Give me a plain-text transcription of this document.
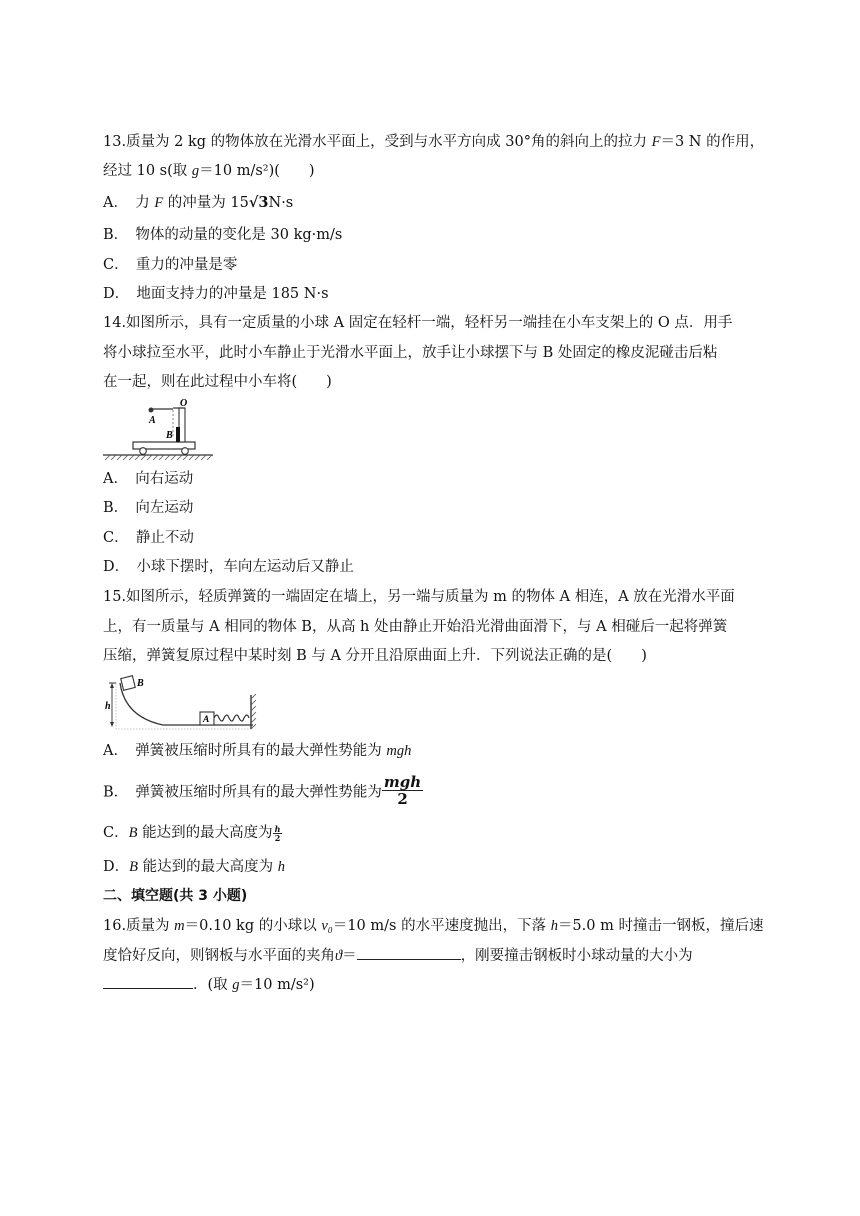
13.质量为 2 kg 的物体放在光滑水平面上，受到与水平方向成 30°角的斜向上的拉力 F＝3 N 的作用，
经过 10 s(取 g＝10 m/s²)(　　)
A．　力 F 的冲量为 15√3N·s
B．　物体的动量的变化是 30 kg·m/s
C．　重力的冲量是零
D．　地面支持力的冲量是 185 N·s
14.如图所示，具有一定质量的小球 A 固定在轻杆一端，轻杆另一端挂在小车支架上的 O 点．用手
将小球拉至水平，此时小车静止于光滑水平面上，放手让小球摆下与 B 处固定的橡皮泥碰击后粘
在一起，则在此过程中小车将(　　)
O
A
B
A．　向右运动
B．　向左运动
C．　静止不动
D．　小球下摆时，车向左运动后又静止
15.如图所示，轻质弹簧的一端固定在墙上，另一端与质量为 m 的物体 A 相连，A 放在光滑水平面
上，有一质量与 A 相同的物体 B，从高 h 处由静止开始沿光滑曲面滑下，与 A 相碰后一起将弹簧
压缩，弹簧复原过程中某时刻 B 与 A 分开且沿原曲面上升．下列说法正确的是(　　)
h
B
A
A．　弹簧被压缩时所具有的最大弹性势能为 mgh
B．　弹簧被压缩时所具有的最大弹性势能为 $\frac{\text{mgh}}{2}$
C．B 能达到的最大高度为 $\frac{h}{2}$
D．B 能达到的最大高度为 h
二、填空题(共 3 小题)
16.质量为 m＝0.10 kg 的小球以 v₀＝10 m/s 的水平速度抛出，下落 h＝5.0 m 时撞击一钢板，撞后速
度恰好反向，则钢板与水平面的夹角ϑ＝	，刚要撞击钢板时小球动量的大小为
．(取 g＝10 m/s²)
